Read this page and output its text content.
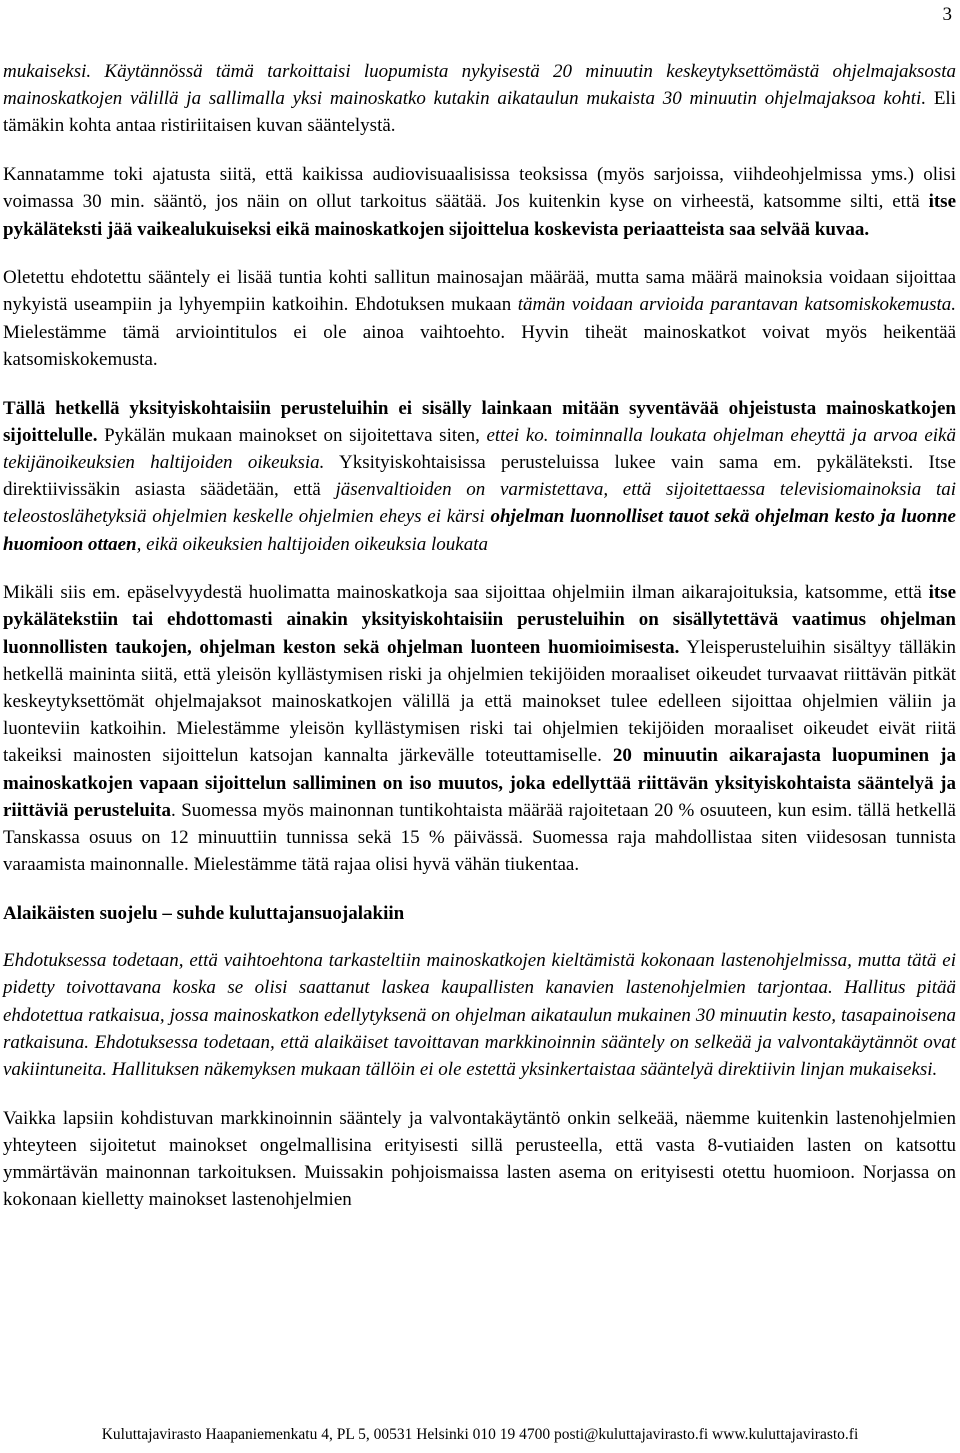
3

mukaiseksi. Käytännössä tämä tarkoittaisi luopumista nykyisestä 20 minuutin keskeytyksettömästä ohjelmajaksosta mainoskatkojen välillä ja sallimalla yksi mainoskatko kutakin aikataulun mukaista 30 minuutin ohjelmajaksoa kohti. Eli tämäkin kohta antaa ristiriitaisen kuvan sääntelystä.

Kannatamme toki ajatusta siitä, että kaikissa audiovisuaalisissa teoksissa (myös sarjoissa, viihdeohjelmissa yms.) olisi voimassa 30 min. sääntö, jos näin on ollut tarkoitus säätää. Jos kuitenkin kyse on virheestä, katsomme silti, että itse pykäläteksti jää vaikealukuiseksi eikä mainoskatkojen sijoittelua koskevista periaatteista saa selvää kuvaa.

Oletettu ehdotettu sääntely ei lisää tuntia kohti sallitun mainosajan määrää, mutta sama määrä mainoksia voidaan sijoittaa nykyistä useampiin ja lyhyempiin katkoihin. Ehdotuksen mukaan tämän voidaan arvioida parantavan katsomiskokemusta. Mielestämme tämä arviointitulos ei ole ainoa vaihtoehto. Hyvin tiheät mainoskatkot voivat myös heikentää katsomiskokemusta.

Tällä hetkellä yksityiskohtaisiin perusteluihin ei sisälly lainkaan mitään syventävää ohjeistusta mainoskatkojen sijoittelulle. Pykälän mukaan mainokset on sijoitettava siten, ettei ko. toiminnalla loukata ohjelman eheyttä ja arvoa eikä tekijänoikeuksien haltijoiden oikeuksia. Yksityiskohtaisissa perusteluissa lukee vain sama em. pykäläteksti. Itse direktiivissäkin asiasta säädetään, että jäsenvaltioiden on varmistettava, että sijoitettaessa televisiomainoksia tai teleostoslähetyksiä ohjelmien keskelle ohjelmien eheys ei kärsi ohjelman luonnolliset tauot sekä ohjelman kesto ja luonne huomioon ottaen, eikä oikeuksien haltijoiden oikeuksia loukata

Mikäli siis em. epäselvyydestä huolimatta mainoskatkoja saa sijoittaa ohjelmiin ilman aikarajoituksia, katsomme, että itse pykälätekstiin tai ehdottomasti ainakin yksityiskohtaisiin perusteluihin on sisällytettävä vaatimus ohjelman luonnollisten taukojen, ohjelman keston sekä ohjelman luonteen huomioimisesta. Yleisperusteluihin sisältyy tälläkin hetkellä maininta siitä, että yleisön kyllästymisen riski ja ohjelmien tekijöiden moraaliset oikeudet turvaavat riittävän pitkät keskeytyksettömät ohjelmajaksot mainoskatkojen välillä ja että mainokset tulee edelleen sijoittaa ohjelmien väliin ja luonteviin katkoihin. Mielestämme yleisön kyllästymisen riski tai ohjelmien tekijöiden moraaliset oikeudet eivät riitä takeiksi mainosten sijoittelun katsojan kannalta järkevälle toteuttamiselle. 20 minuutin aikarajasta luopuminen ja mainoskatkojen vapaan sijoittelun salliminen on iso muutos, joka edellyttää riittävän yksityiskohtaista sääntelyä ja riittäviä perusteluita. Suomessa myös mainonnan tuntikohtaista määrää rajoitetaan 20 % osuuteen, kun esim. tällä hetkellä Tanskassa osuus on 12 minuuttiin tunnissa sekä 15 % päivässä. Suomessa raja mahdollistaa siten viidesosan tunnista varaamista mainonnalle. Mielestämme tätä rajaa olisi hyvä vähän tiukentaa.

Alaikäisten suojelu – suhde kuluttajansuojalakiin

Ehdotuksessa todetaan, että vaihtoehtona tarkasteltiin mainoskatkojen kieltämistä kokonaan lastenohjelmissa, mutta tätä ei pidetty toivottavana koska se olisi saattanut laskea kaupallisten kanavien lastenohjelmien tarjontaa. Hallitus pitää ehdotettua ratkaisua, jossa mainoskatkon edellytyksenä on ohjelman aikataulun mukainen 30 minuutin kesto, tasapainoisena ratkaisuna. Ehdotuksessa todetaan, että alaikäiset tavoittavan markkinoinnin sääntely on selkeää ja valvontakäytännöt ovat vakiintuneita. Hallituksen näkemyksen mukaan tällöin ei ole estettä yksinkertaistaa sääntelyä direktiivin linjan mukaiseksi.

Vaikka lapsiin kohdistuvan markkinoinnin sääntely ja valvontakäytäntö onkin selkeää, näemme kuitenkin lastenohjelmien yhteyteen sijoitetut mainokset ongelmallisina erityisesti sillä perusteella, että vasta 8-vutiaiden lasten on katsottu ymmärtävän mainonnan tarkoituksen. Muissakin pohjoismaissa lasten asema on erityisesti otettu huomioon. Norjassa on kokonaan kielletty mainokset lastenohjelmien

Kuluttajavirasto Haapaniemenkatu 4, PL 5, 00531 Helsinki 010 19 4700 posti@kuluttajavirasto.fi www.kuluttajavirasto.fi
